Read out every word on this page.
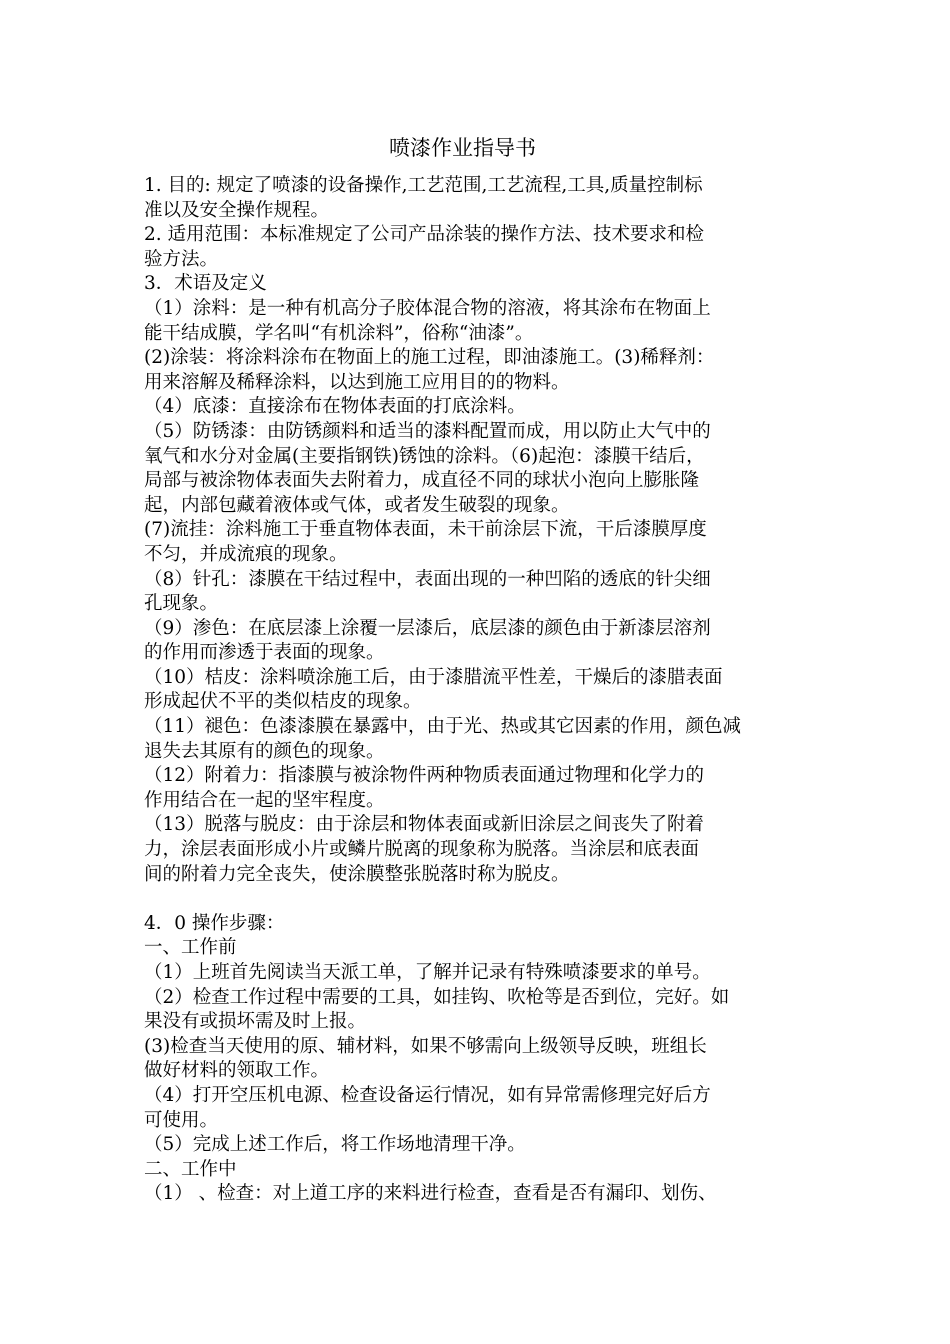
喷漆作业指导书
1. 目的: 规定了喷漆的设备操作,工艺范围,工艺流程,工具,质量控制标
准以及安全操作规程。
2. 适用范围：本标准规定了公司产品涂装的操作方法、技术要求和检
验方法。
3．术语及定义
（1）涂料：是一种有机高分子胶体混合物的溶液，将其涂布在物面上
能干结成膜，学名叫“有机涂料”，俗称“油漆”。
(2)涂装：将涂料涂布在物面上的施工过程，即油漆施工。(3)稀释剂：
用来溶解及稀释涂料，以达到施工应用目的的物料。
（4）底漆：直接涂布在物体表面的打底涂料。
（5）防锈漆：由防锈颜料和适当的漆料配置而成，用以防止大气中的
氧气和水分对金属(主要指钢铁)锈蚀的涂料。（6)起泡：漆膜干结后，
局部与被涂物体表面失去附着力，成直径不同的球状小泡向上膨胀隆
起，内部包藏着液体或气体，或者发生破裂的现象。
(7)流挂：涂料施工于垂直物体表面，未干前涂层下流，干后漆膜厚度
不匀，并成流痕的现象。
（8）针孔：漆膜在干结过程中，表面出现的一种凹陷的透底的针尖细
孔现象。
（9）渗色：在底层漆上涂覆一层漆后，底层漆的颜色由于新漆层溶剂
的作用而渗透于表面的现象。
（10）桔皮：涂料喷涂施工后，由于漆腊流平性差，干燥后的漆腊表面
形成起伏不平的类似桔皮的现象。
（11）褪色：色漆漆膜在暴露中，由于光、热或其它因素的作用，颜色减
退失去其原有的颜色的现象。
（12）附着力：指漆膜与被涂物件两种物质表面通过物理和化学力的
作用结合在一起的坚牢程度。
（13）脱落与脱皮：由于涂层和物体表面或新旧涂层之间丧失了附着
力，涂层表面形成小片或鳞片脱离的现象称为脱落。当涂层和底表面
间的附着力完全丧失，使涂膜整张脱落时称为脱皮。
4．0 操作步骤：
一、工作前
（1）上班首先阅读当天派工单，了解并记录有特殊喷漆要求的单号。
（2）检查工作过程中需要的工具，如挂钩、吹枪等是否到位，完好。如
果没有或损坏需及时上报。
(3)检查当天使用的原、辅材料，如果不够需向上级领导反映，班组长
做好材料的领取工作。
（4）打开空压机电源、检查设备运行情况，如有异常需修理完好后方
可使用。
（5）完成上述工作后，将工作场地清理干净。
二、工作中
（1） 、检查：对上道工序的来料进行检查，查看是否有漏印、划伤、
